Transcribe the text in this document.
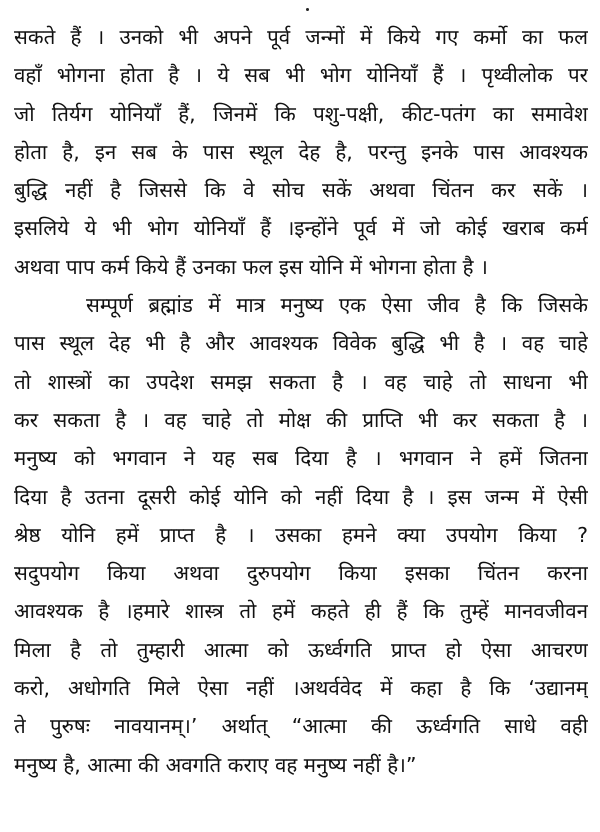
सकते हैं । उनको भी अपने पूर्व जन्मों में किये गए कर्मो का फल
वहाँ भोगना होता है । ये सब भी भोग योनियाँ हैं । पृथ्वीलोक पर
जो तिर्यग योनियाँ हैं, जिनमें कि पशु-पक्षी, कीट-पतंग का समावेश
होता है, इन सब के पास स्थूल देह है, परन्तु इनके पास आवश्यक
बुद्धि नहीं है जिससे कि वे सोच सकें अथवा चिंतन कर सकें ।
इसलिये ये भी भोग योनियाँ हैं ।इन्होंने पूर्व में जो कोई खराब कर्म
अथवा पाप कर्म किये हैं उनका फल इस योनि में भोगना होता है ।
सम्पूर्ण ब्रह्मांड में मात्र मनुष्य एक ऐसा जीव है कि जिसके
पास स्थूल देह भी है और आवश्यक विवेक बुद्धि भी है । वह चाहे
तो शास्त्रों का उपदेश समझ सकता है । वह चाहे तो साधना भी
कर सकता है । वह चाहे तो मोक्ष की प्राप्ति भी कर सकता है ।
मनुष्य को भगवान ने यह सब दिया है । भगवान ने हमें जितना
दिया है उतना दूसरी कोई योनि को नहीं दिया है । इस जन्म में ऐसी
श्रेष्ठ योनि हमें प्राप्त है । उसका हमने क्या उपयोग किया ?
सदुपयोग किया अथवा दुरुपयोग किया इसका चिंतन करना
आवश्यक है ।हमारे शास्त्र तो हमें कहते ही हैं कि तुम्हें मानवजीवन
मिला है तो तुम्हारी आत्मा को ऊर्ध्वगति प्राप्त हो ऐसा आचरण
करो, अधोगति मिले ऐसा नहीं ।अथर्ववेद में कहा है कि ‘उद्यानम्
ते पुरुषः नावयानम्।’ अर्थात् “आत्मा की ऊर्ध्वगति साधे वही
मनुष्य है, आत्मा की अवगति कराए वह मनुष्य नहीं है।”
